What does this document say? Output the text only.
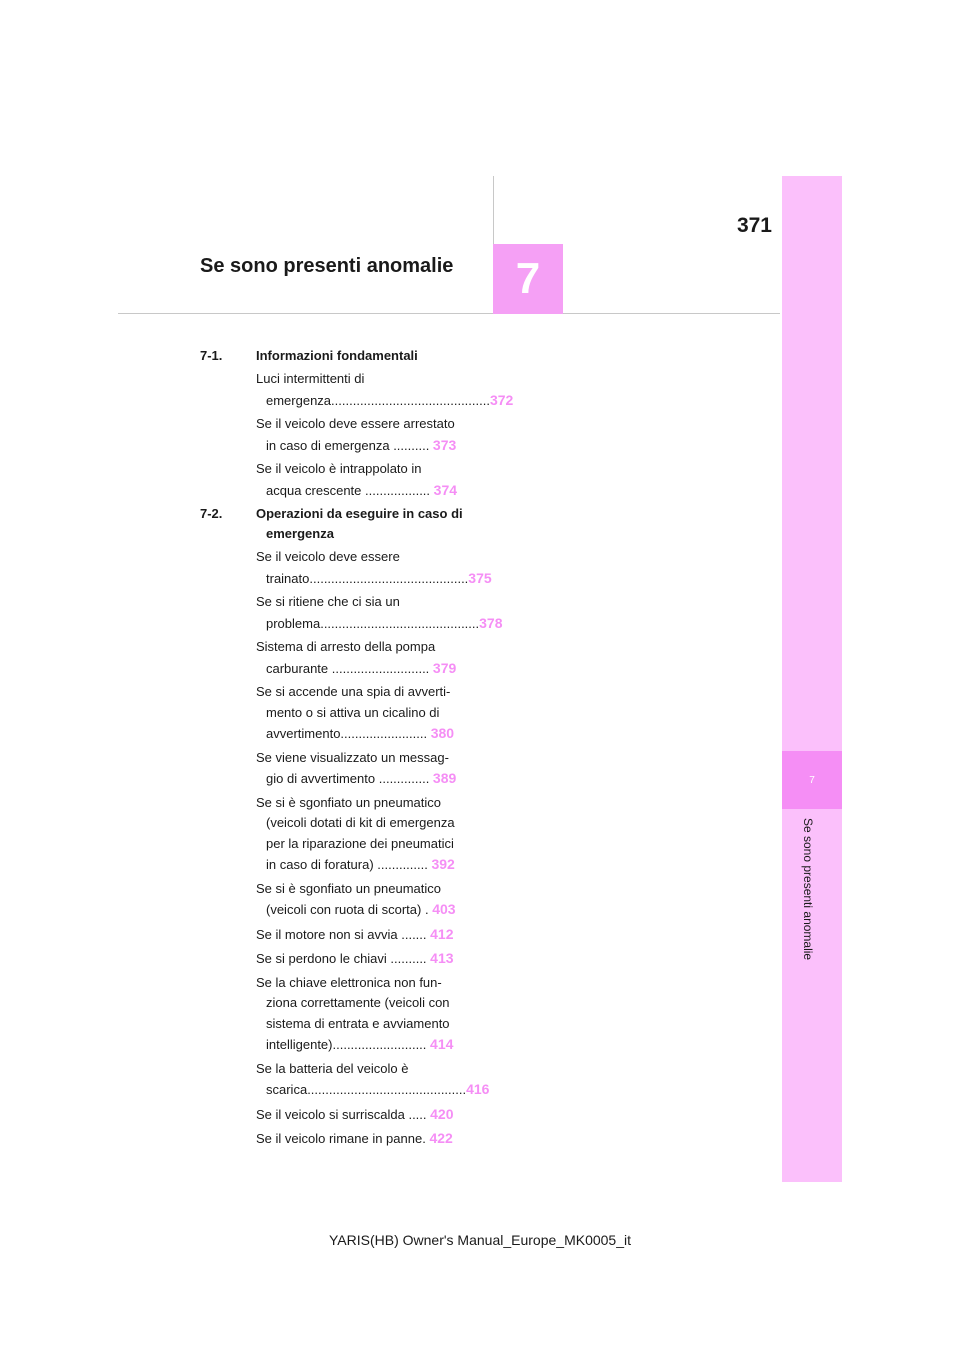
371
Se sono presenti anomalie	7
7
Se sono presenti anomalie
7-1.	Informazioni fondamentali
Luci intermittenti di emergenza............................................372
Se il veicolo deve essere arrestato
in caso di emergenza .......... 373
Se il veicolo è intrappolato in
acqua crescente .................. 374
7-2.	Operazioni da eseguire in caso di emergenza
Se il veicolo deve essere trainato............................................375
Se si ritiene che ci sia un problema............................................378
Sistema di arresto della pompa
carburante ........................... 379
Se si accende una spia di avverti-
mento o si attiva un cicalino di
avvertimento........................ 380
Se viene visualizzato un messag-
gio di avvertimento .............. 389
Se si è sgonfiato un pneumatico
(veicoli dotati di kit di emergenza
per la riparazione dei pneumatici
in caso di foratura) .............. 392
Se si è sgonfiato un pneumatico
(veicoli con ruota di scorta) . 403
Se il motore non si avvia ....... 412
Se si perdono le chiavi .......... 413
Se la chiave elettronica non fun-
ziona correttamente (veicoli con
sistema di entrata e avviamento
intelligente).......................... 414
Se la batteria del veicolo è scarica............................................416
Se il veicolo si surriscalda ..... 420
Se il veicolo rimane in panne. 422
YARIS(HB) Owner's Manual_Europe_MK0005_it
